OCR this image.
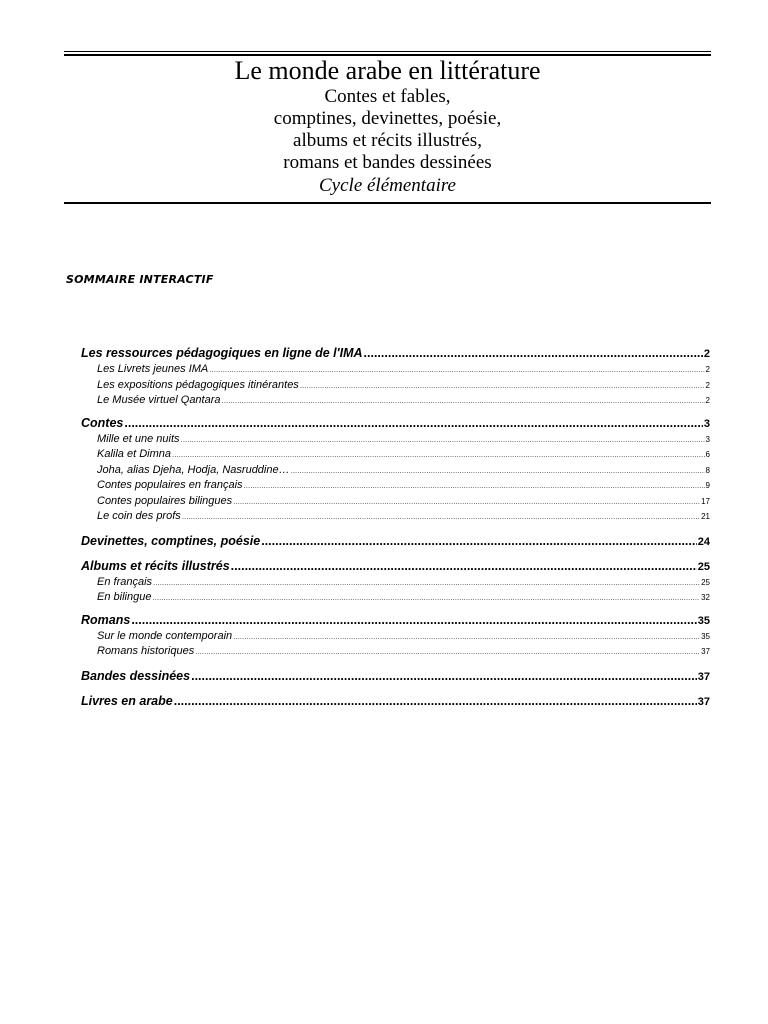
Le monde arabe en littérature
Contes et fables,
comptines, devinettes, poésie,
albums et récits illustrés,
romans et bandes dessinées
Cycle élémentaire
SOMMAIRE INTERACTIF
Les ressources pédagogiques en ligne de l'IMA .....	2
Les Livrets jeunes IMA .....	2
Les expositions pédagogiques itinérantes .....	2
Le Musée virtuel Qantara .....	2
Contes .....	3
Mille et une nuits .....	3
Kalila et Dimna .....	6
Joha, alias Djeha, Hodja, Nasruddine… .....	8
Contes populaires en français .....	9
Contes populaires bilingues .....	17
Le coin des profs .....	21
Devinettes, comptines, poésie .....	24
Albums et récits illustrés .....	25
En français .....	25
En bilingue .....	32
Romans .....	35
Sur le monde contemporain .....	35
Romans historiques .....	37
Bandes dessinées .....	37
Livres en arabe .....	37
